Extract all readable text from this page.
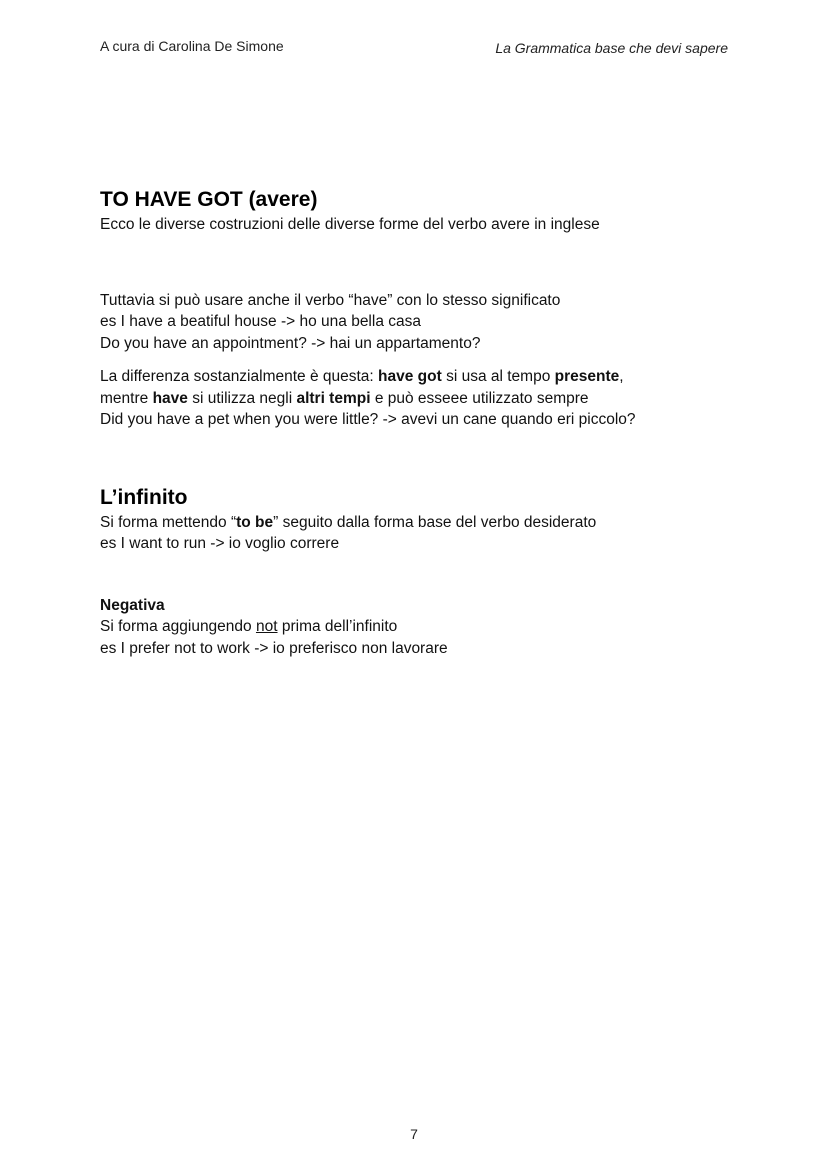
A cura di Carolina De Simone	La Grammatica base che devi sapere
TO HAVE GOT (avere)
Ecco le diverse costruzioni delle diverse forme del verbo avere in inglese
Tuttavia si può usare anche il verbo “have” con lo stesso significato
es I have a beatiful house -> ho una bella casa
Do you have an appointment? -> hai un appartamento?
La differenza sostanzialmente è questa: have got si usa al tempo presente,
mentre have si utilizza negli altri tempi e può esseee utilizzato sempre
Did you have a pet when you were little? -> avevi un cane quando eri piccolo?
L’infinito
Si forma mettendo “to be” seguito dalla forma base del verbo desiderato
es I want to run -> io voglio correre
Negativa
Si forma aggiungendo not prima dell’infinito
es I prefer not to work -> io preferisco non lavorare
7
